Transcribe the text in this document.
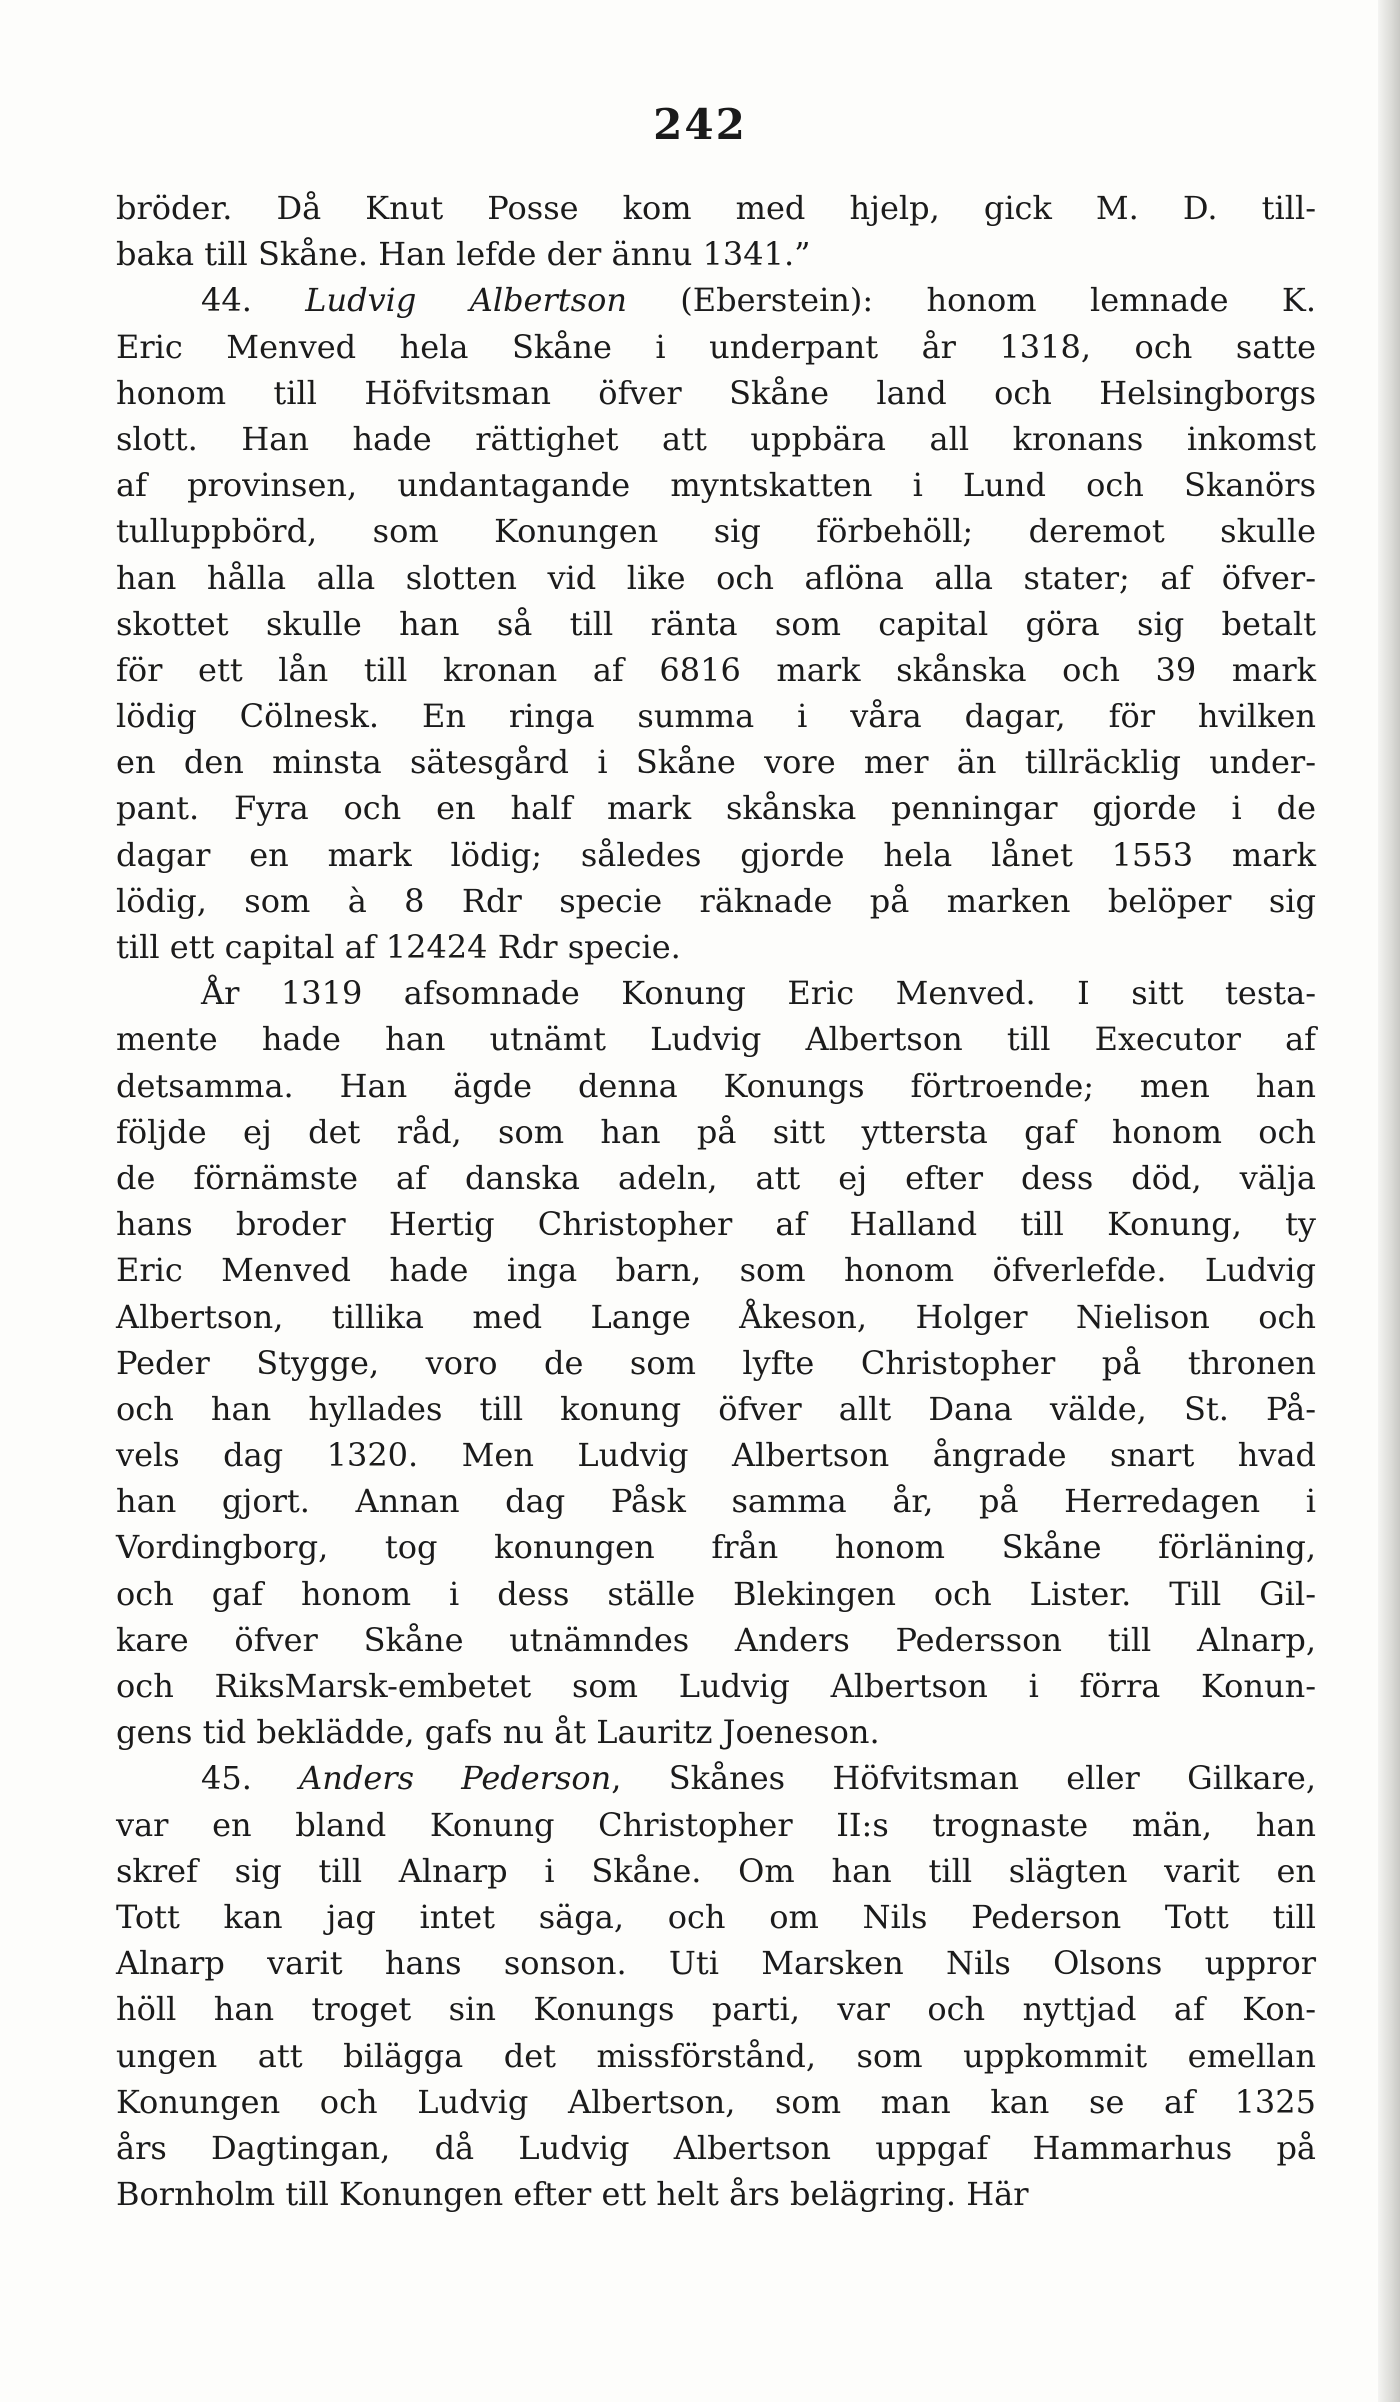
242
bröder. Då Knut Posse kom med hjelp, gick M. D. till-
baka till Skåne. Han lefde der ännu 1341.”
44. Ludvig Albertson (Eberstein): honom lemnade K.
Eric Menved hela Skåne i underpant år 1318, och satte
honom till Höfvitsman öfver Skåne land och Helsingborgs
slott. Han hade rättighet att uppbära all kronans inkomst
af provinsen, undantagande myntskatten i Lund och Skanörs
tulluppbörd, som Konungen sig förbehöll; deremot skulle
han hålla alla slotten vid like och aflöna alla stater; af öfver-
skottet skulle han så till ränta som capital göra sig betalt
för ett lån till kronan af 6816 mark skånska och 39 mark
lödig Cölnesk. En ringa summa i våra dagar, för hvilken
en den minsta sätesgård i Skåne vore mer än tillräcklig under-
pant. Fyra och en half mark skånska penningar gjorde i de
dagar en mark lödig; således gjorde hela lånet 1553 mark
lödig, som à 8 Rdr specie räknade på marken belöper sig
till ett capital af 12424 Rdr specie.
År 1319 afsomnade Konung Eric Menved. I sitt testa-
mente hade han utnämt Ludvig Albertson till Executor af
detsamma. Han ägde denna Konungs förtroende; men han
följde ej det råd, som han på sitt yttersta gaf honom och
de förnämste af danska adeln, att ej efter dess död, välja
hans broder Hertig Christopher af Halland till Konung, ty
Eric Menved hade inga barn, som honom öfverlefde. Ludvig
Albertson, tillika med Lange Åkeson, Holger Nielison och
Peder Stygge, voro de som lyfte Christopher på thronen
och han hyllades till konung öfver allt Dana välde, St. På-
vels dag 1320. Men Ludvig Albertson ångrade snart hvad
han gjort. Annan dag Påsk samma år, på Herredagen i
Vordingborg, tog konungen från honom Skåne förläning,
och gaf honom i dess ställe Blekingen och Lister. Till Gil-
kare öfver Skåne utnämndes Anders Pedersson till Alnarp,
och RiksMarsk-embetet som Ludvig Albertson i förra Konun-
gens tid beklädde, gafs nu åt Lauritz Joeneson.
45. Anders Pederson, Skånes Höfvitsman eller Gilkare,
var en bland Konung Christopher II:s trognaste män, han
skref sig till Alnarp i Skåne. Om han till slägten varit en
Tott kan jag intet säga, och om Nils Pederson Tott till
Alnarp varit hans sonson. Uti Marsken Nils Olsons uppror
höll han troget sin Konungs parti, var och nyttjad af Kon-
ungen att bilägga det missförstånd, som uppkommit emellan
Konungen och Ludvig Albertson, som man kan se af 1325
års Dagtingan, då Ludvig Albertson uppgaf Hammarhus på
Bornholm till Konungen efter ett helt års belägring. Här
